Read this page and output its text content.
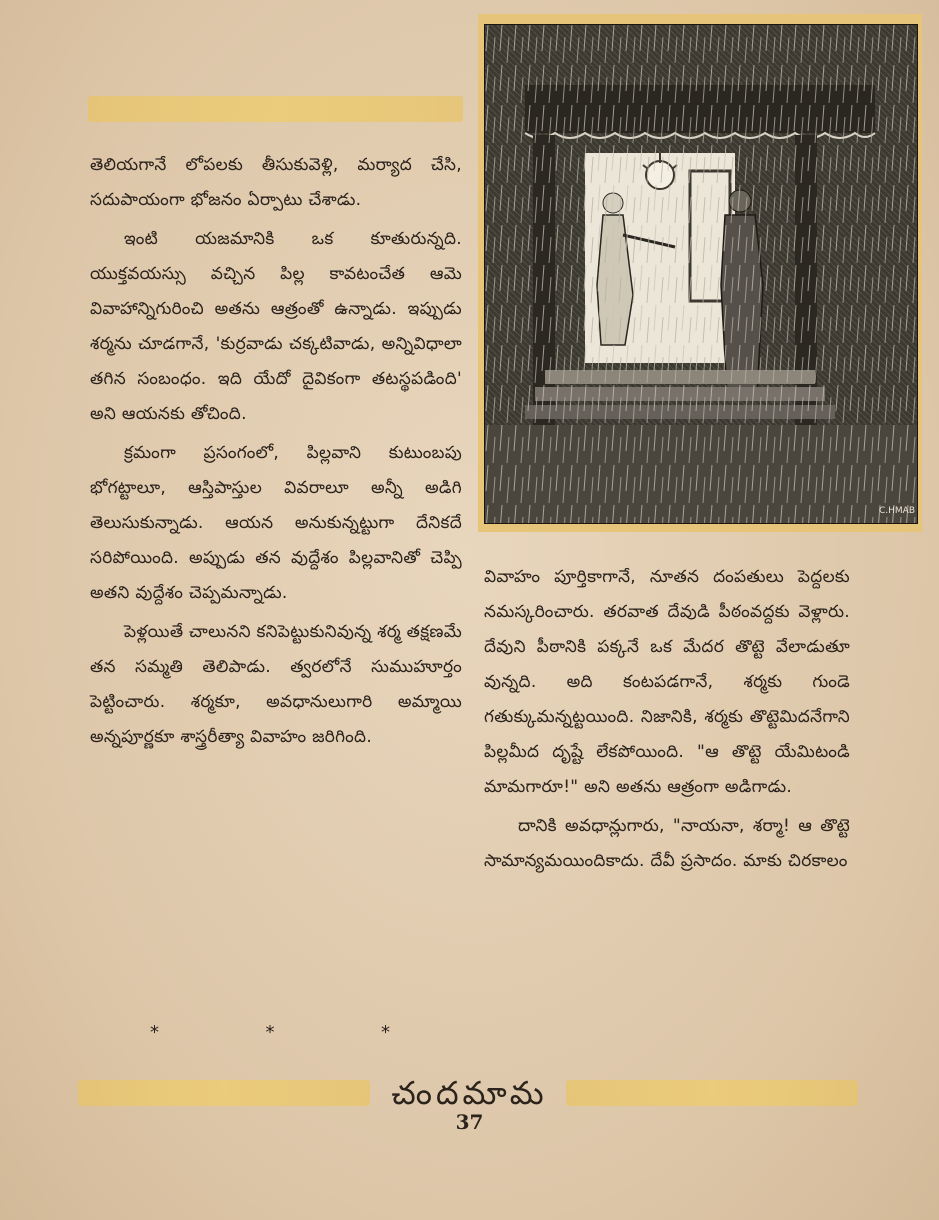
తెలియగానే లోపలకు తీసుకువెళ్లి, మర్యాద చేసి, సదుపాయంగా భోజనం ఏర్పాటు చేశాడు.

ఇంటి యజమానికి ఒక కూతురున్నది. యుక్తవయస్సు వచ్చిన పిల్ల కావటంచేత ఆమె వివాహాన్నిగురించి అతను ఆత్రంతో ఉన్నాడు. ఇప్పుడు శర్మను చూడగానే, 'కుర్రవాడు చక్కటివాడు, అన్నివిధాలా తగిన సంబంధం. ఇది యేదో దైవికంగా తటస్థపడింది' అని ఆయనకు తోచింది.

క్రమంగా ప్రసంగంలో, పిల్లవాని కుటుంబపు భోగట్టాలూ, ఆస్తిపాస్తుల వివరాలూ అన్నీ అడిగి తెలుసుకున్నాడు. ఆయన అనుకున్నట్టుగా దేనికదే సరిపోయింది. అప్పుడు తన వుద్దేశం పిల్లవానితో చెప్పి అతని వుద్దేశం చెప్పమన్నాడు.

పెళ్లయితే చాలునని కనిపెట్టుకునివున్న శర్మ తక్షణమే తన సమ్మతి తెలిపాడు. త్వరలోనే సుముహూర్తం పెట్టించారు. శర్మకూ, అవధానులుగారి అమ్మాయి అన్నపూర్ణకూ శాస్త్రరీత్యా వివాహం జరిగింది.

*	*	*
C.HMAB

వివాహం పూర్తికాగానే, నూతన దంపతులు పెద్దలకు నమస్కరించారు. తరవాత దేవుడి పీఠంవద్దకు వెళ్లారు. దేవుని పీఠానికి పక్కనే ఒక మేదర తొట్టె వేలాడుతూ వున్నది. అది కంటపడగానే, శర్మకు గుండె గతుక్కుమన్నట్టయింది. నిజానికి, శర్మకు తొట్టెమిదనేగాని పిల్లమీద దృష్టే లేకపోయింది. "ఆ తొట్టె యేమిటండి మామగారూ!" అని అతను ఆత్రంగా అడిగాడు.

దానికి అవధాన్లుగారు, "నాయనా, శర్మా! ఆ తొట్టె సామాన్యమయిందికాదు. దేవీ ప్రసాదం. మాకు చిరకాలం

చందమామ
37
